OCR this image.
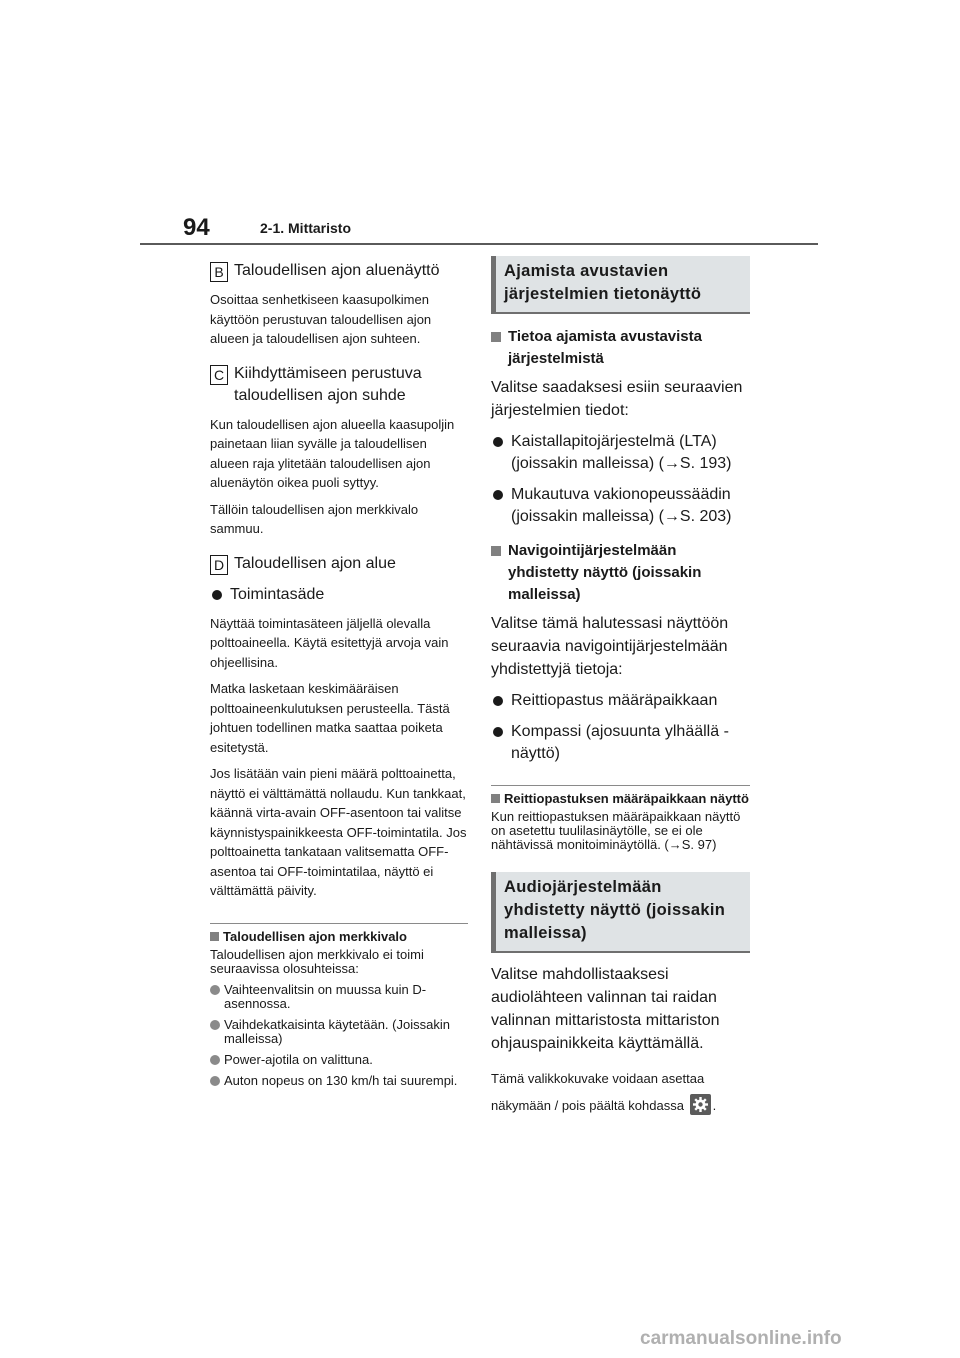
94	2-1. Mittaristo
B Taloudellisen ajon aluenäyttö

Osoittaa senhetkiseen kaasupolkimen käyttöön perustuvan taloudellisen ajon alueen ja taloudellisen ajon suhteen.

C Kiihdyttämiseen perustuva taloudellisen ajon suhde

Kun taloudellisen ajon alueella kaasupoljin painetaan liian syvälle ja taloudellisen alueen raja ylitetään taloudellisen ajon aluenäytön oikea puoli syttyy.

Tällöin taloudellisen ajon merkkivalo sammuu.

D Taloudellisen ajon alue
Toimintasäde

Näyttää toimintasäteen jäljellä olevalla polttoaineella. Käytä esitettyjä arvoja vain ohjeellisina.

Matka lasketaan keskimääräisen polttoaineenkulutuksen perusteella. Tästä johtuen todellinen matka saattaa poiketa esitetystä.

Jos lisätään vain pieni määrä polttoainetta, näyttö ei välttämättä nollaudu. Kun tankkaat, käännä virta-avain OFF-asentoon tai valitse käynnistyspainikkeesta OFF-toimintatila. Jos polttoainetta tankataan valitsematta OFF-asentoa tai OFF-toimintatilaa, näyttö ei välttämättä päivity.

Taloudellisen ajon merkkivalo

Taloudellisen ajon merkkivalo ei toimi seuraavissa olosuhteissa:

Vaihteenvalitsin on muussa kuin D-asennossa.
Vaihdekatkaisinta käytetään. (Joissakin malleissa)
Power-ajotila on valittuna.
Auton nopeus on 130 km/h tai suurempi.
Ajamista avustavien järjestelmien tietonäyttö
Tietoa ajamista avustavista järjestelmistä

Valitse saadaksesi esiin seuraavien järjestelmien tiedot:

Kaistallapitojärjestelmä (LTA) (joissakin malleissa) (→S. 193)
Mukautuva vakionopeussäädin (joissakin malleissa) (→S. 203)
Navigointijärjestelmään yhdistetty näyttö (joissakin malleissa)

Valitse tämä halutessasi näyttöön seuraavia navigointijärjestelmään yhdistettyjä tietoja:

Reittiopastus määräpaikkaan
Kompassi (ajosuunta ylhäällä -näyttö)
Reittiopastuksen määräpaikkaan näyttö

Kun reittiopastuksen määräpaikkaan näyttö on asetettu tuulilasinäytölle, se ei ole nähtävissä monitoiminäytöllä. (→S. 97)

Audiojärjestelmään yhdistetty näyttö (joissakin malleissa)

Valitse mahdollistaaksesi audiolähteen valinnan tai raidan valinnan mittaristosta mittariston ohjauspainikkeita käyttämällä.

Tämä valikkokuvake voidaan asettaa näkymään / pois päältä kohdassa .

carmanualsonline.info
